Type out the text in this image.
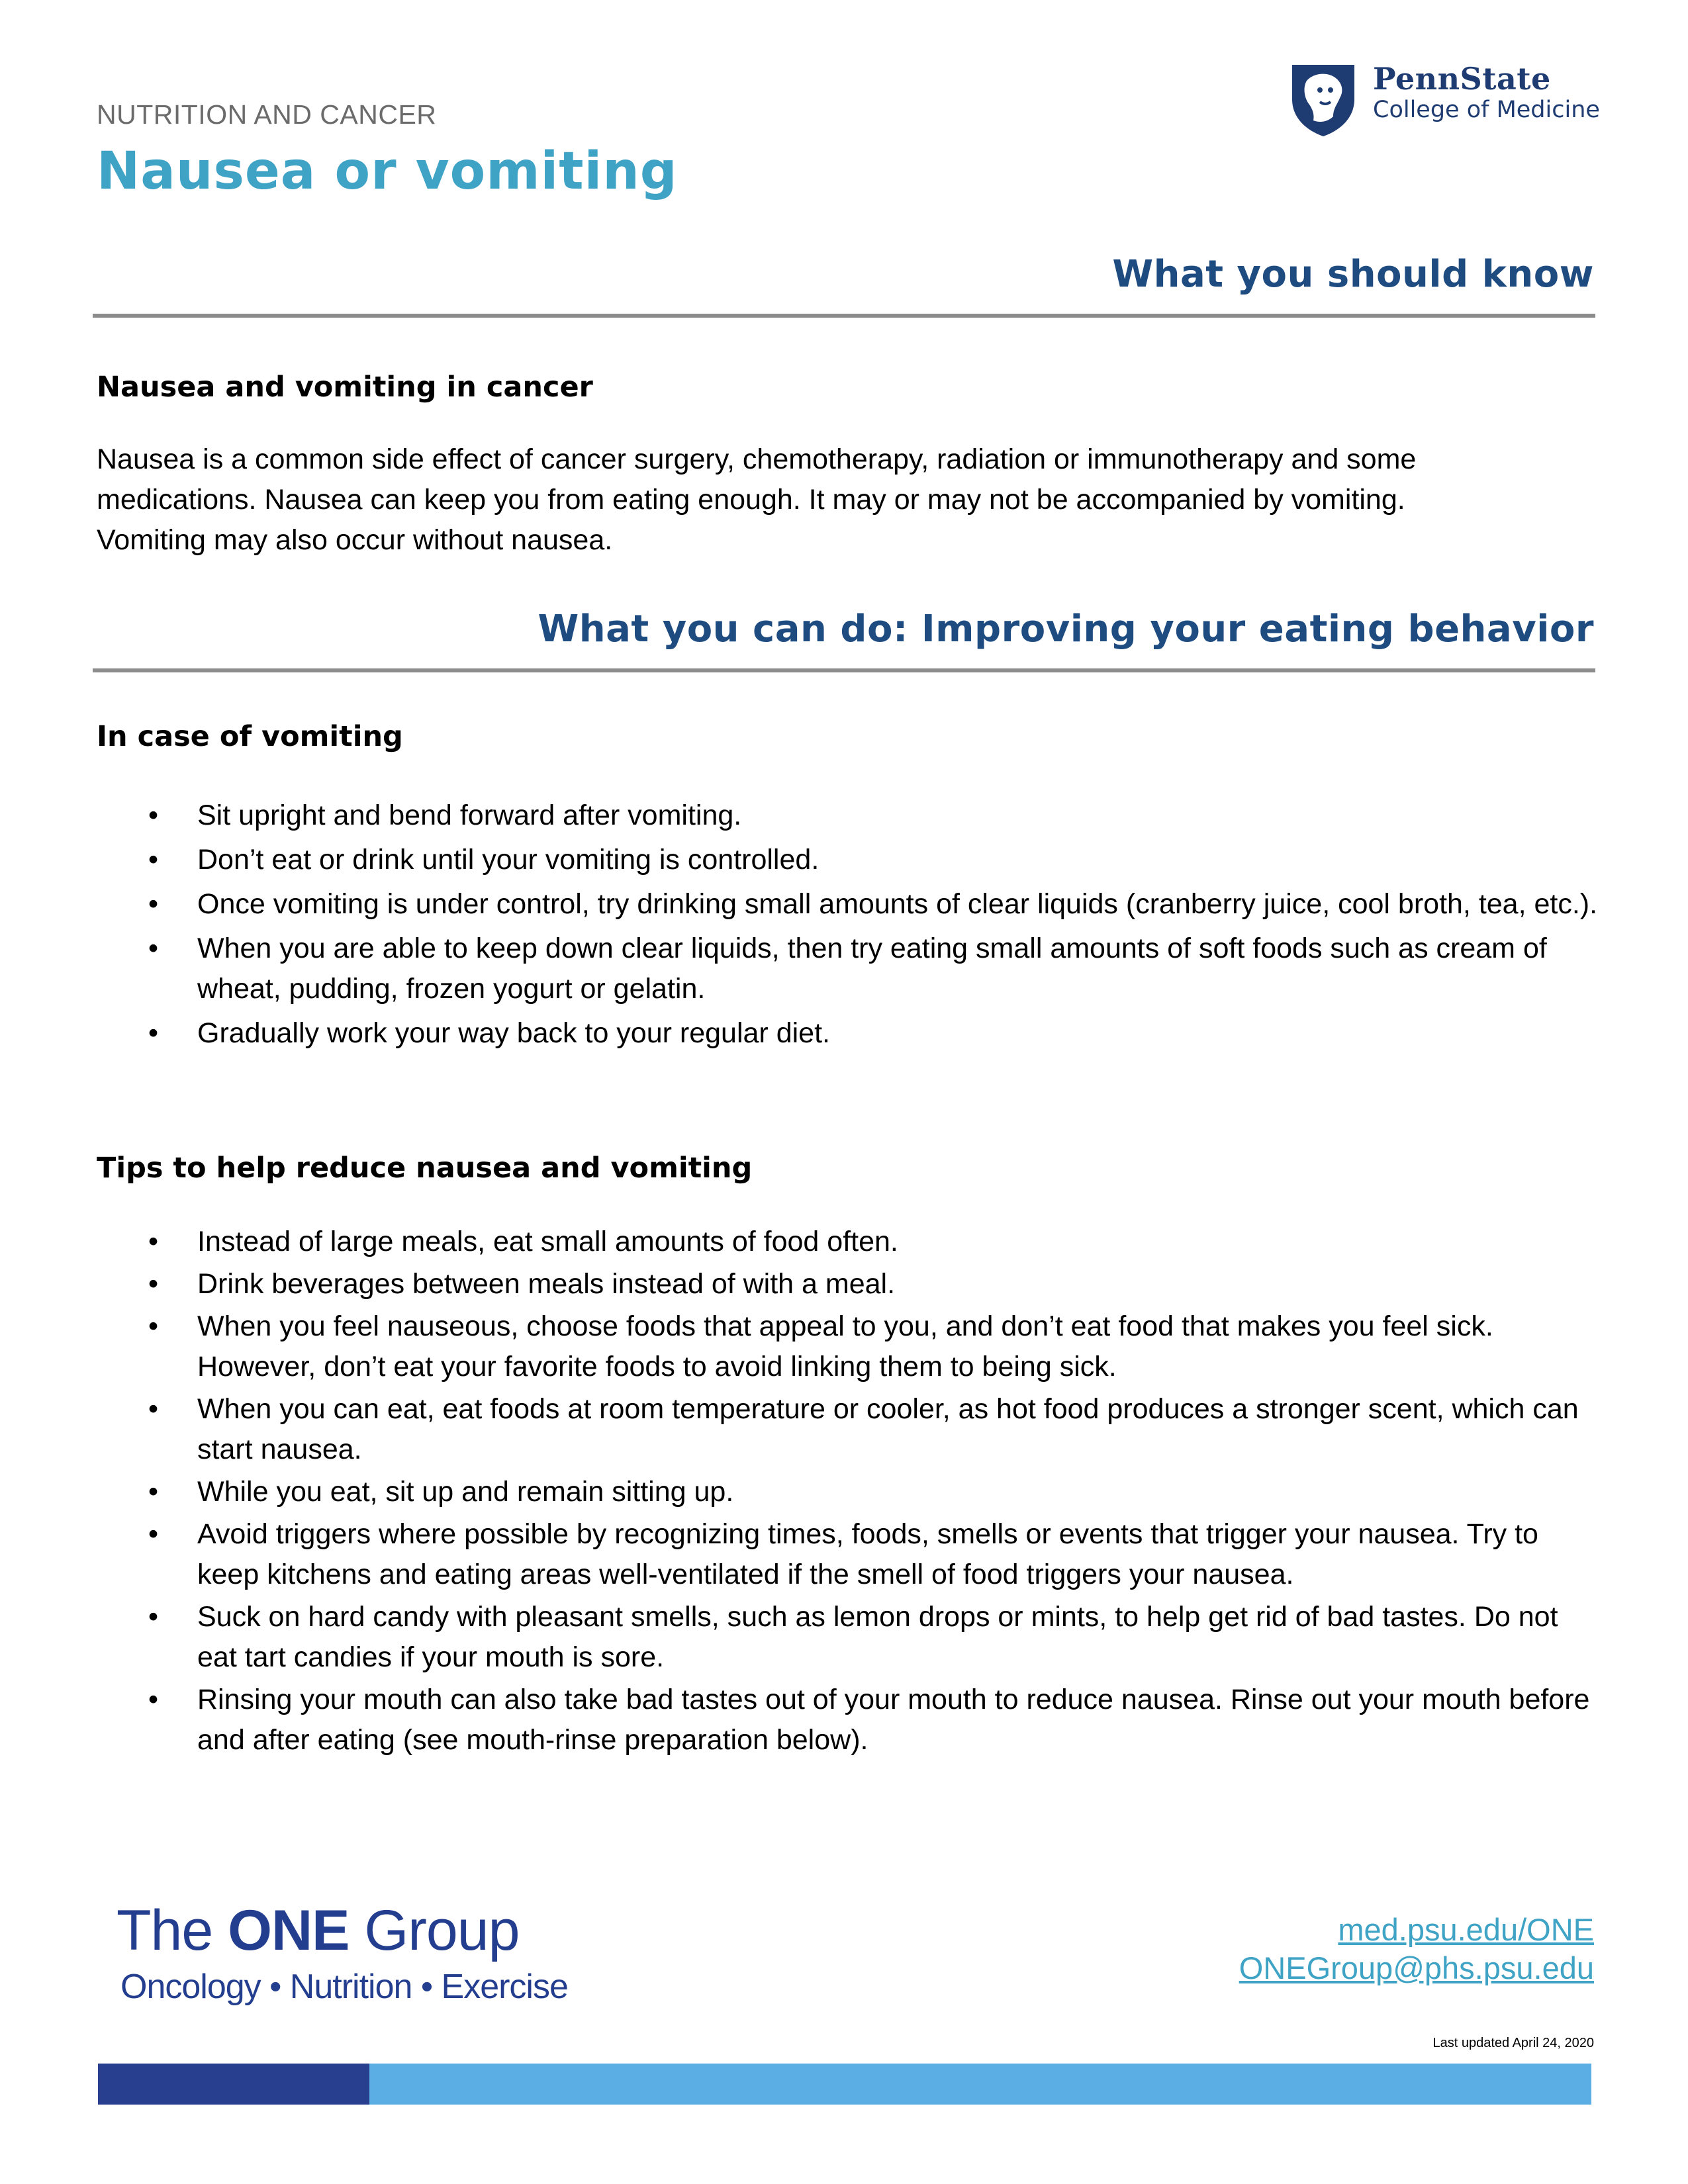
NUTRITION AND CANCER
Nausea or vomiting
PennState
College of Medicine
What you should know
Nausea and vomiting in cancer
Nausea is a common side effect of cancer surgery, chemotherapy, radiation or immunotherapy and some
medications. Nausea can keep you from eating enough. It may or may not be accompanied by vomiting.
Vomiting may also occur without nausea.
What you can do: Improving your eating behavior
In case of vomiting
• Sit upright and bend forward after vomiting.
• Don’t eat or drink until your vomiting is controlled.
• Once vomiting is under control, try drinking small amounts of clear liquids (cranberry juice, cool broth, tea, etc.).
• When you are able to keep down clear liquids, then try eating small amounts of soft foods such as cream of wheat, pudding, frozen yogurt or gelatin.
• Gradually work your way back to your regular diet.
Tips to help reduce nausea and vomiting
• Instead of large meals, eat small amounts of food often.
• Drink beverages between meals instead of with a meal.
• When you feel nauseous, choose foods that appeal to you, and don’t eat food that makes you feel sick. However, don’t eat your favorite foods to avoid linking them to being sick.
• When you can eat, eat foods at room temperature or cooler, as hot food produces a stronger scent, which can start nausea.
• While you eat, sit up and remain sitting up.
• Avoid triggers where possible by recognizing times, foods, smells or events that trigger your nausea. Try to keep kitchens and eating areas well-ventilated if the smell of food triggers your nausea.
• Suck on hard candy with pleasant smells, such as lemon drops or mints, to help get rid of bad tastes. Do not eat tart candies if your mouth is sore.
• Rinsing your mouth can also take bad tastes out of your mouth to reduce nausea. Rinse out your mouth before and after eating (see mouth-rinse preparation below).
The ONE Group
Oncology • Nutrition • Exercise
med.psu.edu/ONE
ONEGroup@phs.psu.edu
Last updated April 24, 2020
